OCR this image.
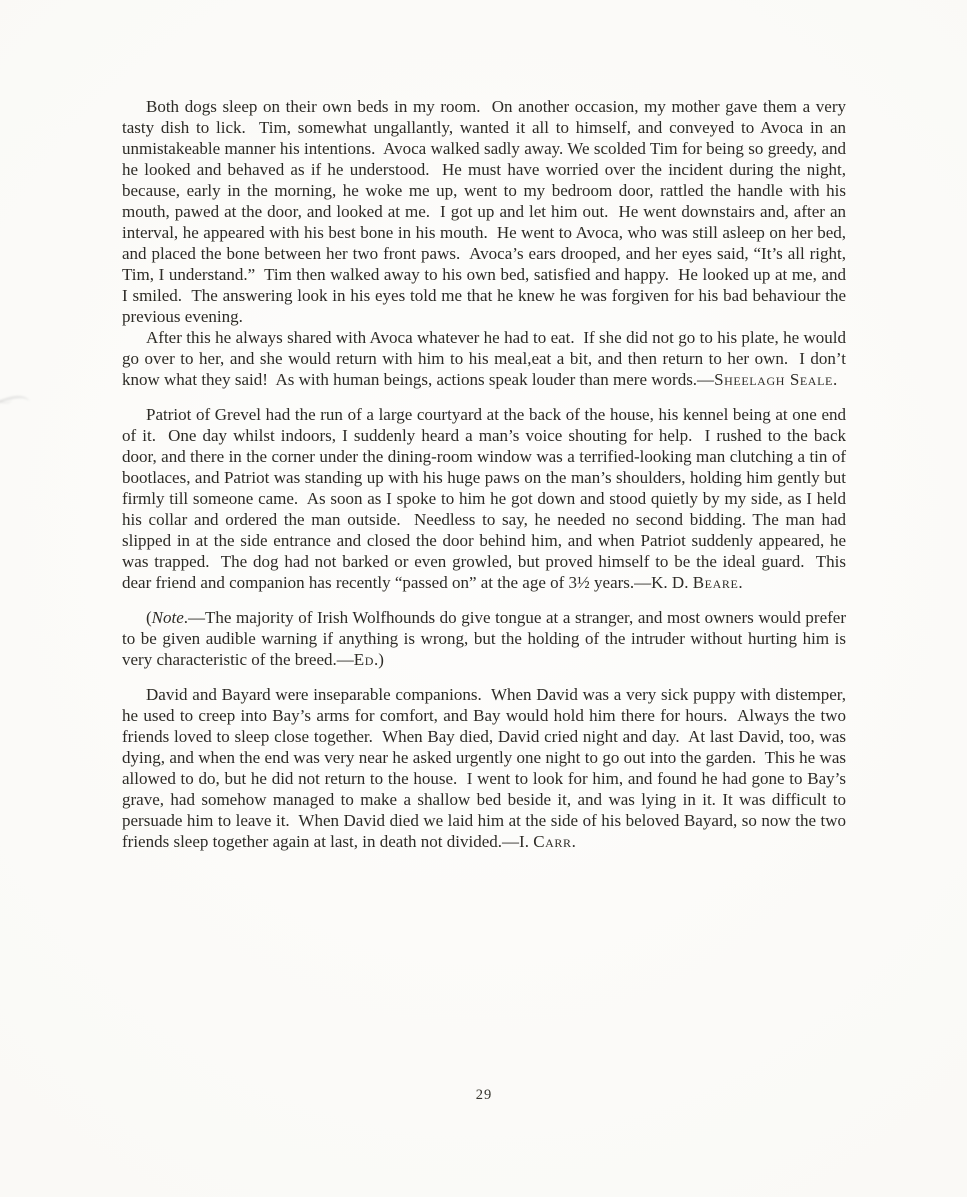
Both dogs sleep on their own beds in my room.  On another occasion, my mother gave them a very tasty dish to lick.  Tim, somewhat ungallantly, wanted it all to himself, and conveyed to Avoca in an unmistakeable manner his intentions.  Avoca walked sadly away. We scolded Tim for being so greedy, and he looked and behaved as if he understood.  He must have worried over the incident during the night, because, early in the morning, he woke me up, went to my bedroom door, rattled the handle with his mouth, pawed at the door, and looked at me.  I got up and let him out.  He went downstairs and, after an interval, he appeared with his best bone in his mouth.  He went to Avoca, who was still asleep on her bed, and placed the bone between her two front paws.  Avoca’s ears drooped, and her eyes said, “It’s all right, Tim, I understand.”  Tim then walked away to his own bed, satisfied and happy.  He looked up at me, and I smiled.  The answering look in his eyes told me that he knew he was forgiven for his bad behaviour the previous evening.

After this he always shared with Avoca whatever he had to eat.  If she did not go to his plate, he would go over to her, and she would return with him to his meal,eat a bit, and then return to her own.  I don’t know what they said!  As with human beings, actions speak louder than mere words.—Sheelagh Seale.

Patriot of Grevel had the run of a large courtyard at the back of the house, his kennel being at one end of it.  One day whilst indoors, I suddenly heard a man’s voice shouting for help.  I rushed to the back door, and there in the corner under the dining-room window was a terrified-looking man clutching a tin of bootlaces, and Patriot was standing up with his huge paws on the man’s shoulders, holding him gently but firmly till someone came.  As soon as I spoke to him he got down and stood quietly by my side, as I held his collar and ordered the man outside.  Needless to say, he needed no second bidding. The man had slipped in at the side entrance and closed the door behind him, and when Patriot suddenly appeared, he was trapped.  The dog had not barked or even growled, but proved himself to be the ideal guard.  This dear friend and companion has recently “passed on” at the age of 3½ years.—K. D. Beare.

(Note.—The majority of Irish Wolfhounds do give tongue at a stranger, and most owners would prefer to be given audible warning if anything is wrong, but the holding of the intruder without hurting him is very characteristic of the breed.—Ed.)

David and Bayard were inseparable companions.  When David was a very sick puppy with distemper, he used to creep into Bay’s arms for comfort, and Bay would hold him there for hours.  Always the two friends loved to sleep close together.  When Bay died, David cried night and day.  At last David, too, was dying, and when the end was very near he asked urgently one night to go out into the garden.  This he was allowed to do, but he did not return to the house.  I went to look for him, and found he had gone to Bay’s grave, had somehow managed to make a shallow bed beside it, and was lying in it. It was difficult to persuade him to leave it.  When David died we laid him at the side of his beloved Bayard, so now the two friends sleep together again at last, in death not divided.—I. Carr.

29
